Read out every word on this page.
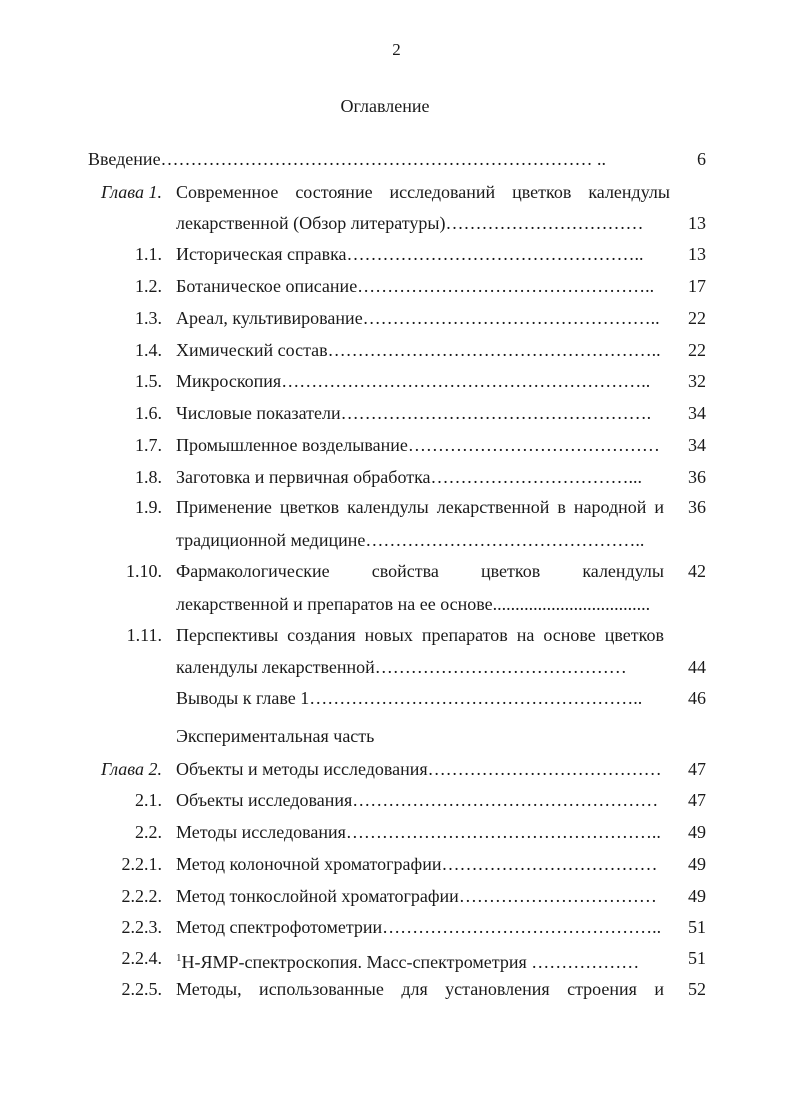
2
Оглавление
Введение……………………………………………………………… ..	6
Глава 1. Современное состояние исследований цветков календулы
лекарственной (Обзор литературы)……………………………	13
1.1. Историческая справка…………………………………………..	13
1.2. Ботаническое описание…………………………………………..	17
1.3. Ареал, культивирование…………………………………………..	22
1.4. Химический состав………………………………………………..	22
1.5. Микроскопия……………………………………………………..	32
1.6. Числовые показатели…………………………………………….	34
1.7. Промышленное возделывание……………………………………	34
1.8. Заготовка и первичная обработка……………………………...	36
1.9. Применение цветков календулы лекарственной в народной и	36
традиционной медицине………………………………………..
1.10. Фармакологические свойства цветков календулы	42
лекарственной и препаратов на ее основе...................................
1.11. Перспективы создания новых препаратов на основе цветков
календулы лекарственной……………………………………	44
Выводы к главе 1………………………………………………..	46
Экспериментальная часть
Глава 2. Объекты и методы исследования…………………………………	47
2.1. Объекты исследования……………………………………………	47
2.2. Методы исследования……………………………………………..	49
2.2.1. Метод колоночной хроматографии………………………………	49
2.2.2. Метод тонкослойной хроматографии……………………………	49
2.2.3. Метод спектрофотометрии………………………………………..	51
2.2.4. $^1$Н-ЯМР-спектроскопия. Масс-спектрометрия ………………	51
2.2.5. Методы, использованные для установления строения и	52
